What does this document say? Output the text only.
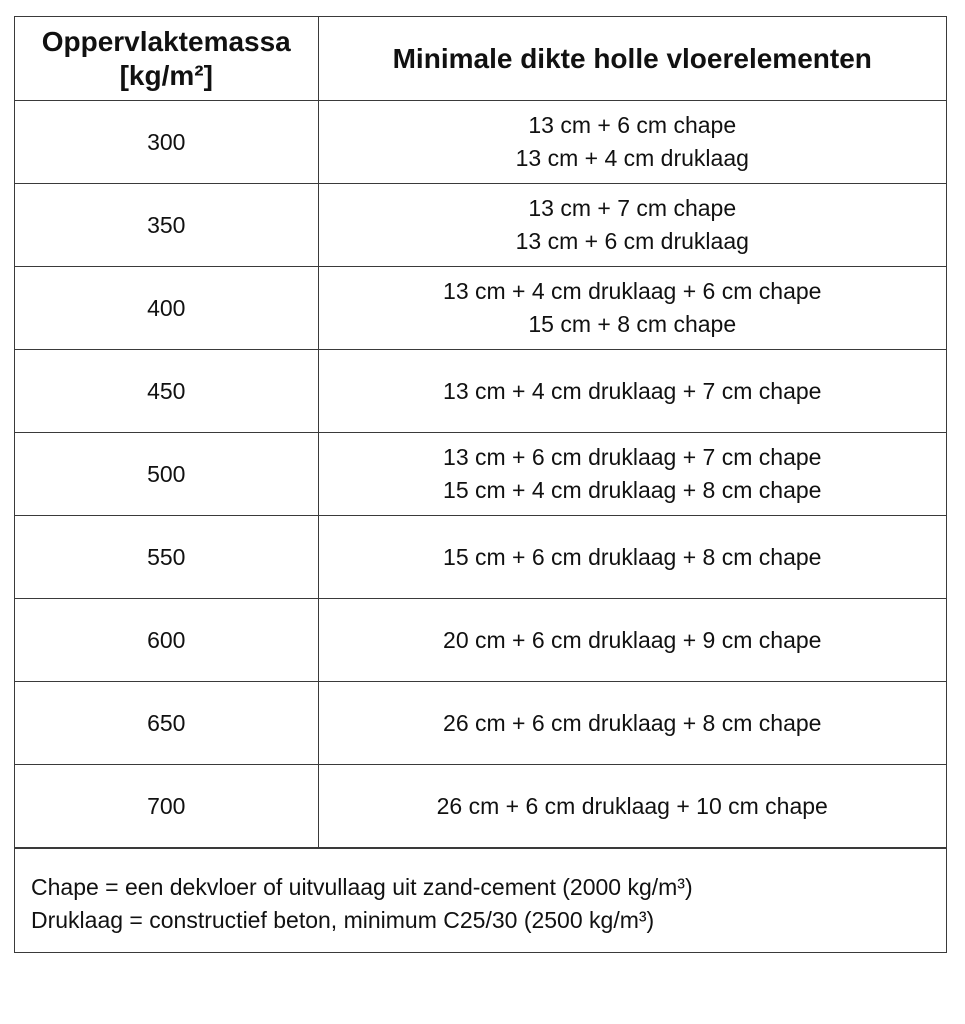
Oppervlaktemassa
[kg/m²]	Minimale dikte holle vloerelementen

300	13 cm + 6 cm chape
13 cm + 4 cm druklaag

350	13 cm + 7 cm chape
13 cm + 6 cm druklaag

400	13 cm + 4 cm druklaag + 6 cm chape
15 cm + 8 cm chape

450	13 cm + 4 cm druklaag + 7 cm chape

500	13 cm + 6 cm druklaag + 7 cm chape
15 cm + 4 cm druklaag + 8 cm chape

550	15 cm + 6 cm druklaag + 8 cm chape

600	20 cm + 6 cm druklaag + 9 cm chape

650	26 cm + 6 cm druklaag + 8 cm chape

700	26 cm + 6 cm druklaag + 10 cm chape
Chape = een dekvloer of uitvullaag uit zand-cement (2000 kg/m³)
Druklaag = constructief beton, minimum C25/30 (2500 kg/m³)
